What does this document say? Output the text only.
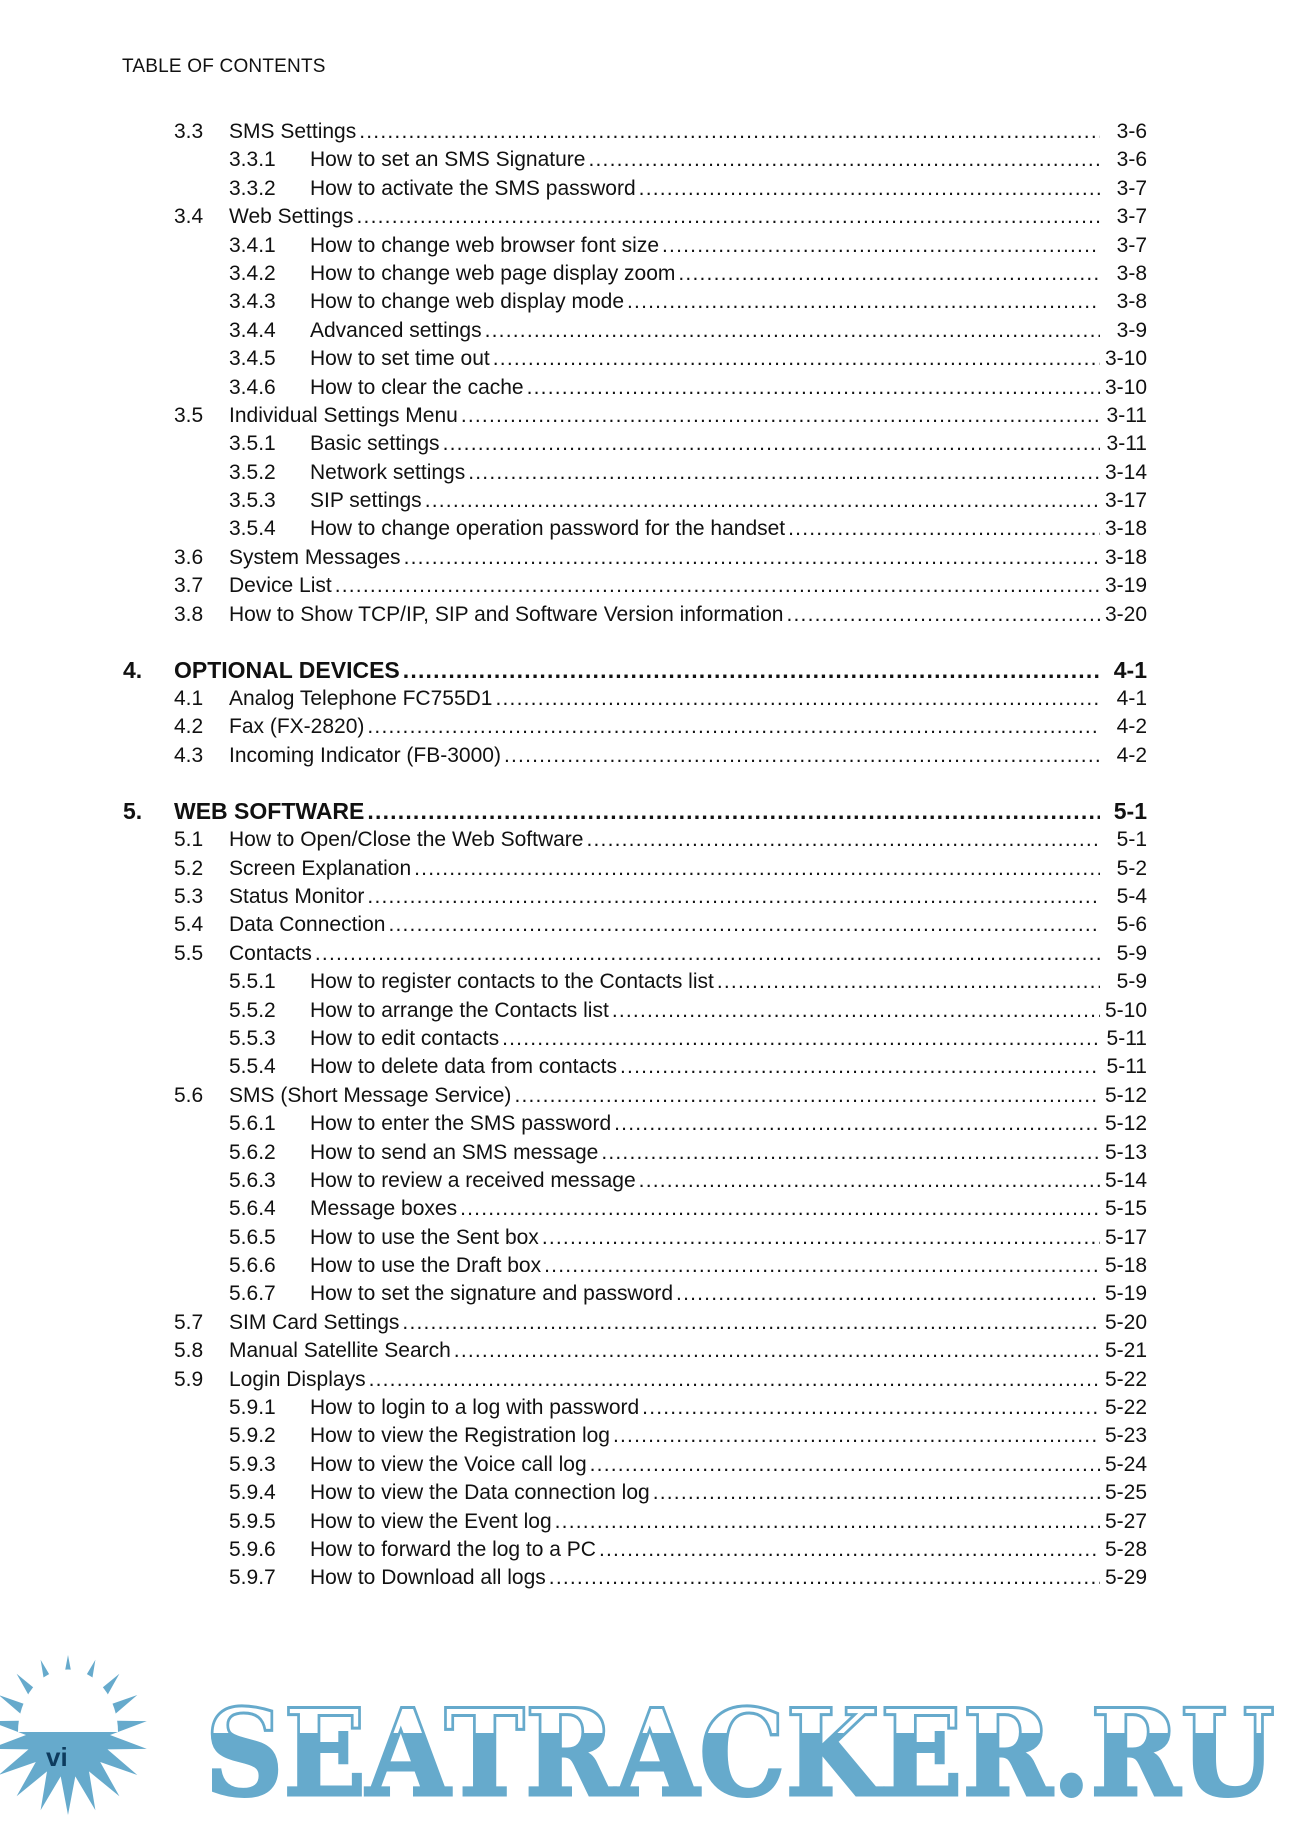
TABLE OF CONTENTS
3.3 SMS Settings .....	3-6
3.3.1 How to set an SMS Signature .....	3-6
3.3.2 How to activate the SMS password .....	3-7
3.4 Web Settings .....	3-7
3.4.1 How to change web browser font size .....	3-7
3.4.2 How to change web page display zoom .....	3-8
3.4.3 How to change web display mode .....	3-8
3.4.4 Advanced settings .....	3-9
3.4.5 How to set time out .....	3-10
3.4.6 How to clear the cache .....	3-10
3.5 Individual Settings Menu .....	3-11
3.5.1 Basic settings .....	3-11
3.5.2 Network settings .....	3-14
3.5.3 SIP settings .....	3-17
3.5.4 How to change operation password for the handset .....	3-18
3.6 System Messages .....	3-18
3.7 Device List .....	3-19
3.8 How to Show TCP/IP, SIP and Software Version information .....	3-20
4. OPTIONAL DEVICES .....	4-1
4.1 Analog Telephone FC755D1 .....	4-1
4.2 Fax (FX-2820) .....	4-2
4.3 Incoming Indicator (FB-3000) .....	4-2
5. WEB SOFTWARE .....	5-1
5.1 How to Open/Close the Web Software .....	5-1
5.2 Screen Explanation .....	5-2
5.3 Status Monitor .....	5-4
5.4 Data Connection .....	5-6
5.5 Contacts .....	5-9
5.5.1 How to register contacts to the Contacts list .....	5-9
5.5.2 How to arrange the Contacts list .....	5-10
5.5.3 How to edit contacts .....	5-11
5.5.4 How to delete data from contacts .....	5-11
5.6 SMS (Short Message Service) .....	5-12
5.6.1 How to enter the SMS password .....	5-12
5.6.2 How to send an SMS message .....	5-13
5.6.3 How to review a received message .....	5-14
5.6.4 Message boxes .....	5-15
5.6.5 How to use the Sent box .....	5-17
5.6.6 How to use the Draft box .....	5-18
5.6.7 How to set the signature and password .....	5-19
5.7 SIM Card Settings .....	5-20
5.8 Manual Satellite Search .....	5-21
5.9 Login Displays .....	5-22
5.9.1 How to login to a log with password .....	5-22
5.9.2 How to view the Registration log .....	5-23
5.9.3 How to view the Voice call log .....	5-24
5.9.4 How to view the Data connection log .....	5-25
5.9.5 How to view the Event log .....	5-27
5.9.6 How to forward the log to a PC .....	5-28
5.9.7 How to Download all logs .....	5-29
SEATRACKER.RU
vi
